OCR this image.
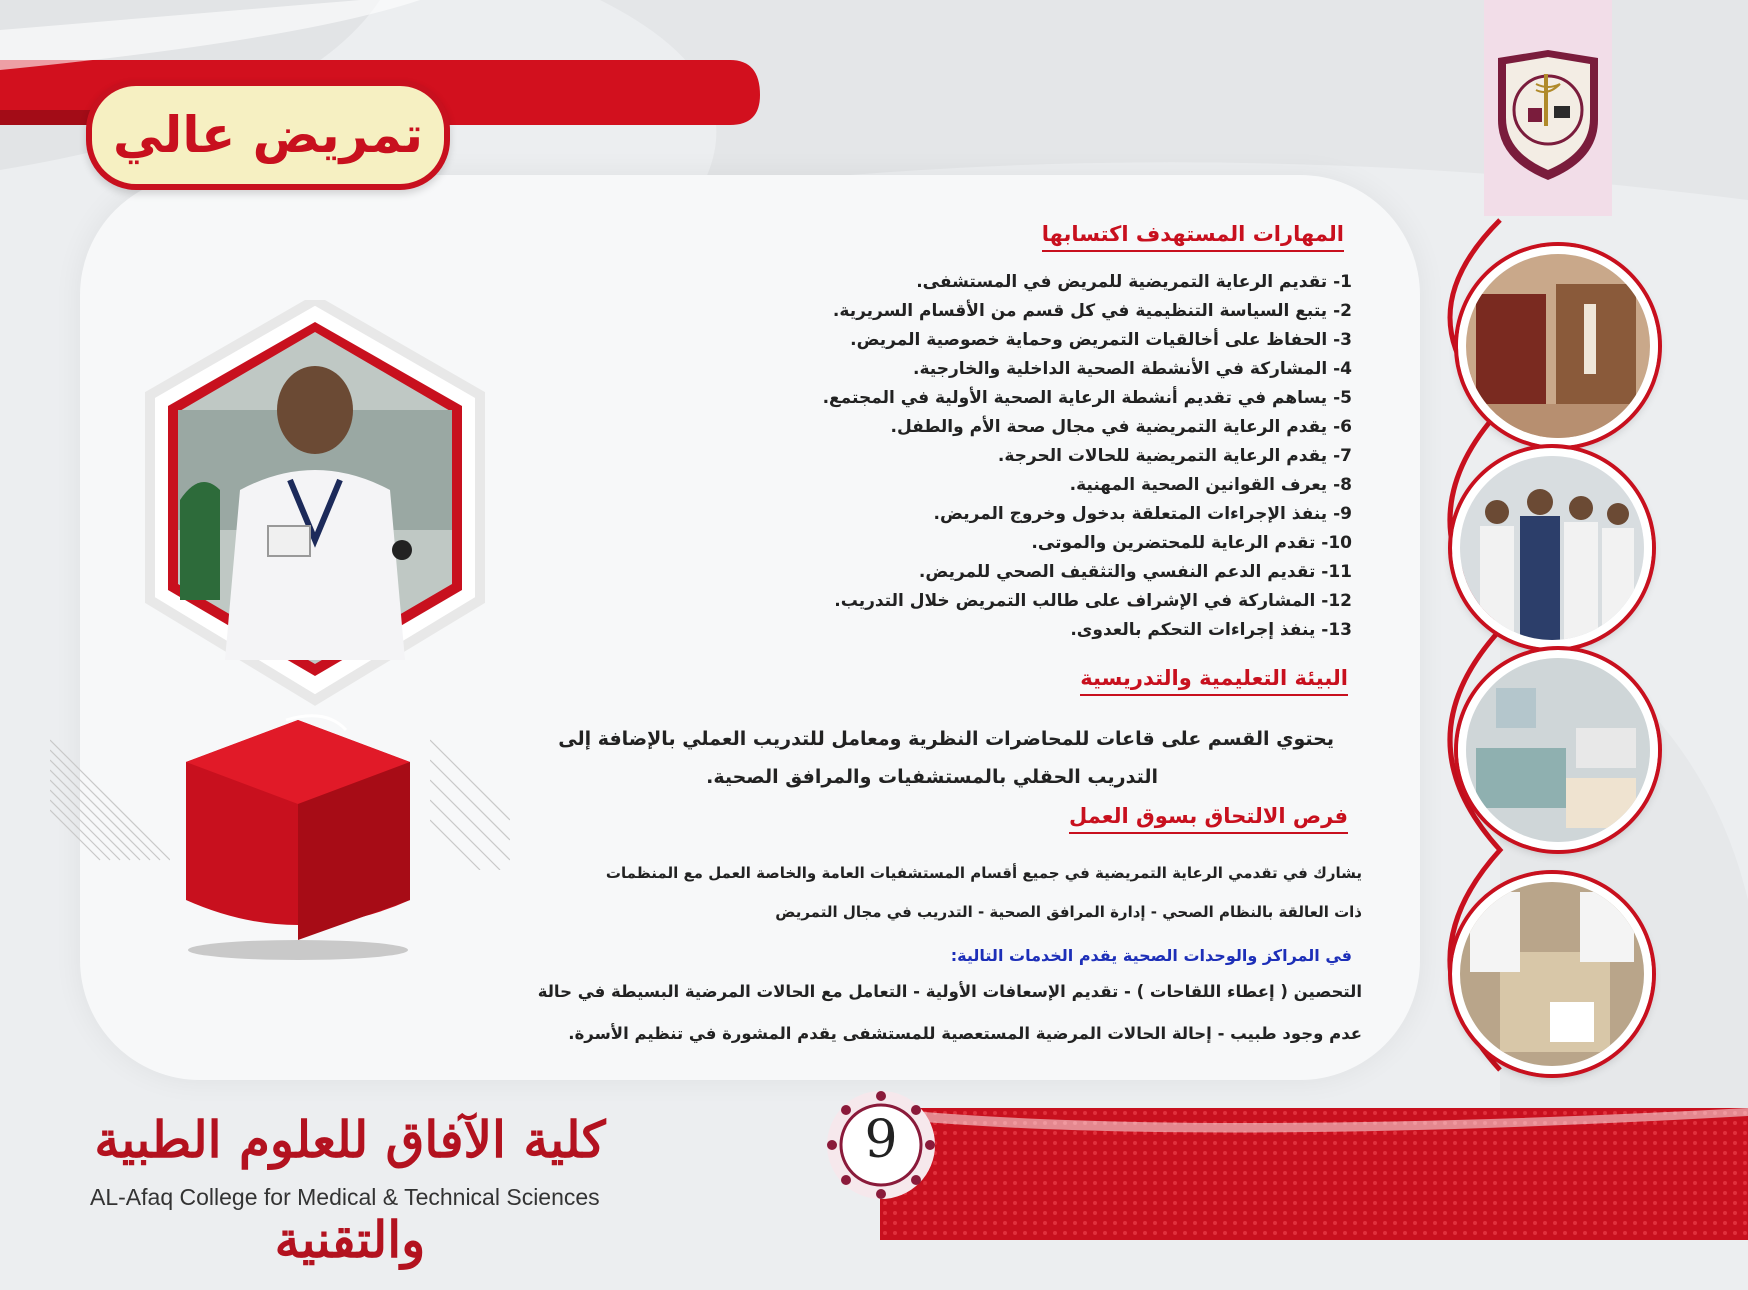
تمريض عالي
المهارات المستهدف اكتسابها
1- تقديم الرعاية التمريضية للمريض في المستشفى.
2- يتبع السياسة التنظيمية في كل قسم من الأقسام السريرية.
3- الحفاظ على أخالقيات التمريض وحماية خصوصية المريض.
4- المشاركة في الأنشطة الصحية الداخلية والخارجية.
5- يساهم في تقديم أنشطة الرعاية الصحية الأولية في المجتمع.
6- يقدم الرعاية التمريضية في مجال صحة الأم والطفل.
7- يقدم الرعاية التمريضية للحالات الحرجة.
8- يعرف القوانين الصحية المهنية.
9- ينفذ الإجراءات المتعلقة بدخول وخروج المريض.
10- تقدم الرعاية للمحتضرين والموتى.
11- تقديم الدعم النفسي والتثقيف الصحي للمريض.
12- المشاركة في الإشراف على طالب التمريض خلال التدريب.
13- ينفذ إجراءات التحكم بالعدوى.
البيئة التعليمية والتدريسية
يحتوي القسم على قاعات للمحاضرات النظرية ومعامل للتدريب العملي بالإضافة إلى
التدريب الحقلي بالمستشفيات والمرافق الصحية.
فرص الالتحاق بسوق العمل
يشارك في تقدمي الرعاية التمريضية في جميع أقسام المستشفيات العامة والخاصة العمل مع المنظمات
ذات العالقة بالنظام الصحي - إدارة المرافق الصحية - التدريب في مجال التمريض
في المراكز والوحدات الصحية يقدم الخدمات التالية:
التحصين ( إعطاء اللقاحات ) - تقديم الإسعافات الأولية - التعامل مع الحالات المرضية البسيطة في حالة
عدم وجود طبيب - إحالة الحالات المرضية المستعصية للمستشفى يقدم المشورة في تنظيم الأسرة.
9
كلية الآفاق للعلوم الطبية والتقنية
AL-Afaq College for Medical & Technical Sciences
